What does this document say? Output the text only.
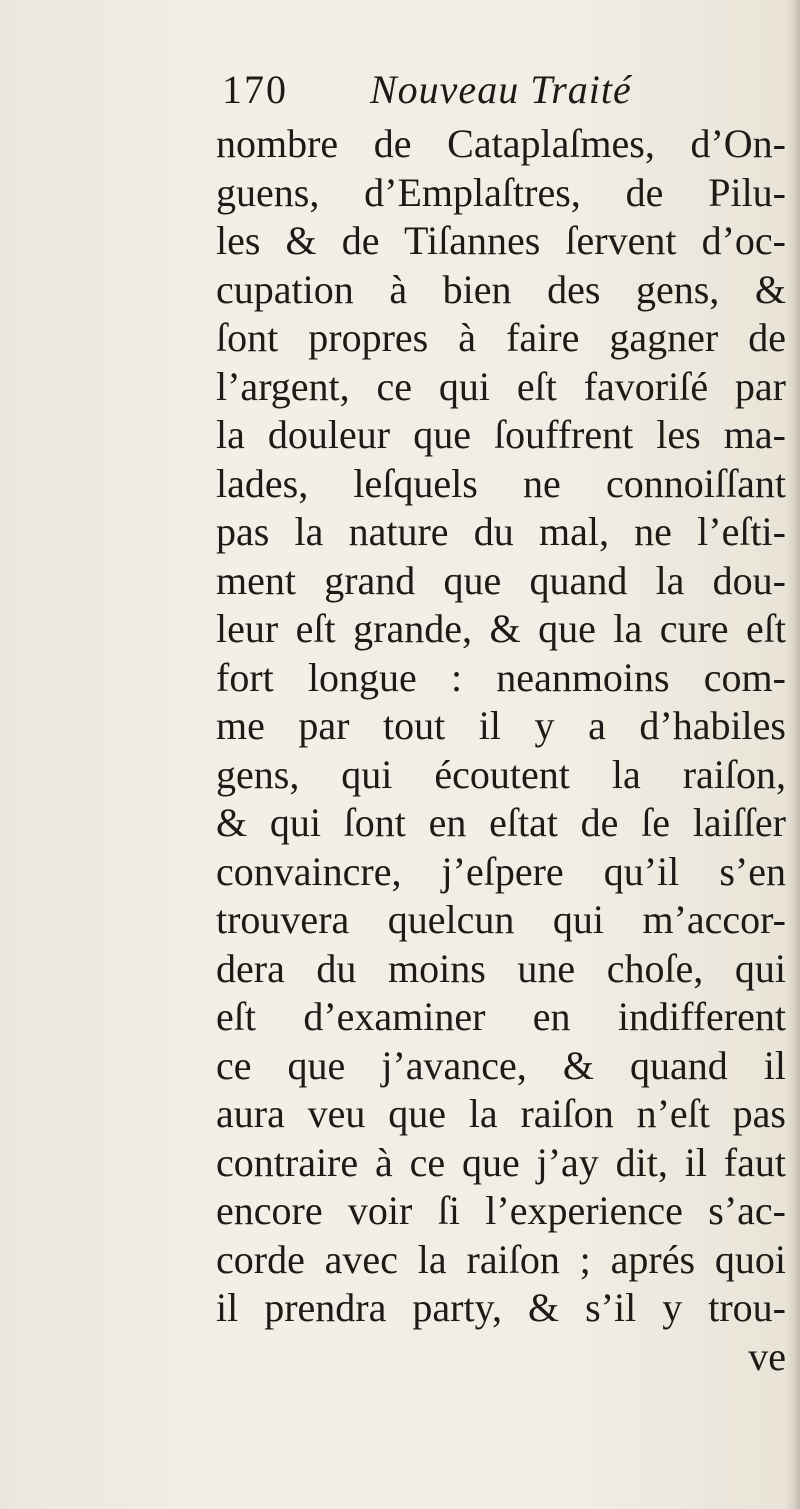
170 Nouveau Traité
nombre de Cataplaſmes, d’On-
guens, d’Emplaſtres, de Pilu-
les & de Tiſannes ſervent d’oc-
cupation à bien des gens, &
ſont propres à faire gagner de
l’argent, ce qui eſt favoriſé par
la douleur que ſouffrent les ma-
lades, leſquels ne connoiſſant
pas la nature du mal, ne l’eſti-
ment grand que quand la dou-
leur eſt grande, & que la cure eſt
fort longue : neanmoins com-
me par tout il y a d’habiles
gens, qui écoutent la raiſon,
& qui ſont en eſtat de ſe laiſſer
convaincre, j’eſpere qu’il s’en
trouvera quelcun qui m’accor-
dera du moins une choſe, qui
eſt d’examiner en indifferent
ce que j’avance, & quand il
aura veu que la raiſon n’eſt pas
contraire à ce que j’ay dit, il faut
encore voir ſi l’experience s’ac-
corde avec la raiſon ; aprés quoi
il prendra party, & s’il y trou-
ve
